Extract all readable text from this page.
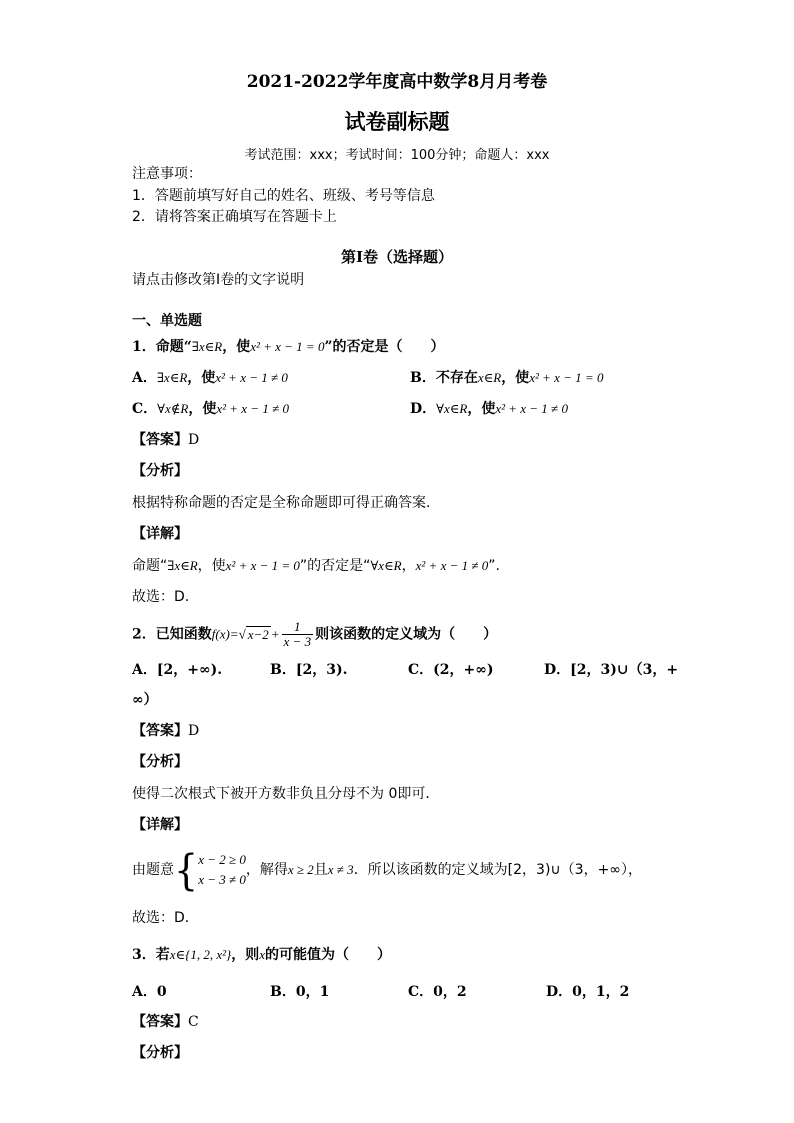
2021-2022学年度高中数学8月月考卷
试卷副标题
考试范围：xxx；考试时间：100分钟；命题人：xxx
注意事项：
1．答题前填写好自己的姓名、班级、考号等信息
2．请将答案正确填写在答题卡上
第I卷（选择题）
请点击修改第I卷的文字说明
一、单选题
1．命题“∃x∈R，使x² + x − 1 = 0”的否定是（　　）
A．∃x∈R，使x² + x − 1 ≠ 0	B．不存在x∈R，使x² + x − 1 = 0
C．∀x∉R，使x² + x − 1 ≠ 0	D．∀x∈R，使x² + x − 1 ≠ 0
【答案】D
【分析】
根据特称命题的否定是全称命题即可得正确答案.
【详解】
命题“∃x∈R，使x² + x − 1 = 0”的否定是“∀x∈R，x² + x − 1 ≠ 0”.
故选：D.
2．已知函数f(x)=√ $x-2 + \frac{1}{x - 3}$ 则该函数的定义域为（　　）
A．[2，+∞).	B．[2，3).	C．(2，+∞)	D．[2，3)∪（3，+
∞）
【答案】D
【分析】
使得二次根式下被开方数非负且分母不为 0即可．
【详解】
由题意{ x − 2 ≥ 0
x − 3 ≠ 0
，解得x ≥ 2且x ≠ 3．所以该函数的定义域为[2，3)∪（3，+∞），
故选：D．
3．若x∈{1, 2, x²}，则x的可能值为（　　）
A．0	B．0，1	C．0，2	D．0，1，2
【答案】C
【分析】
